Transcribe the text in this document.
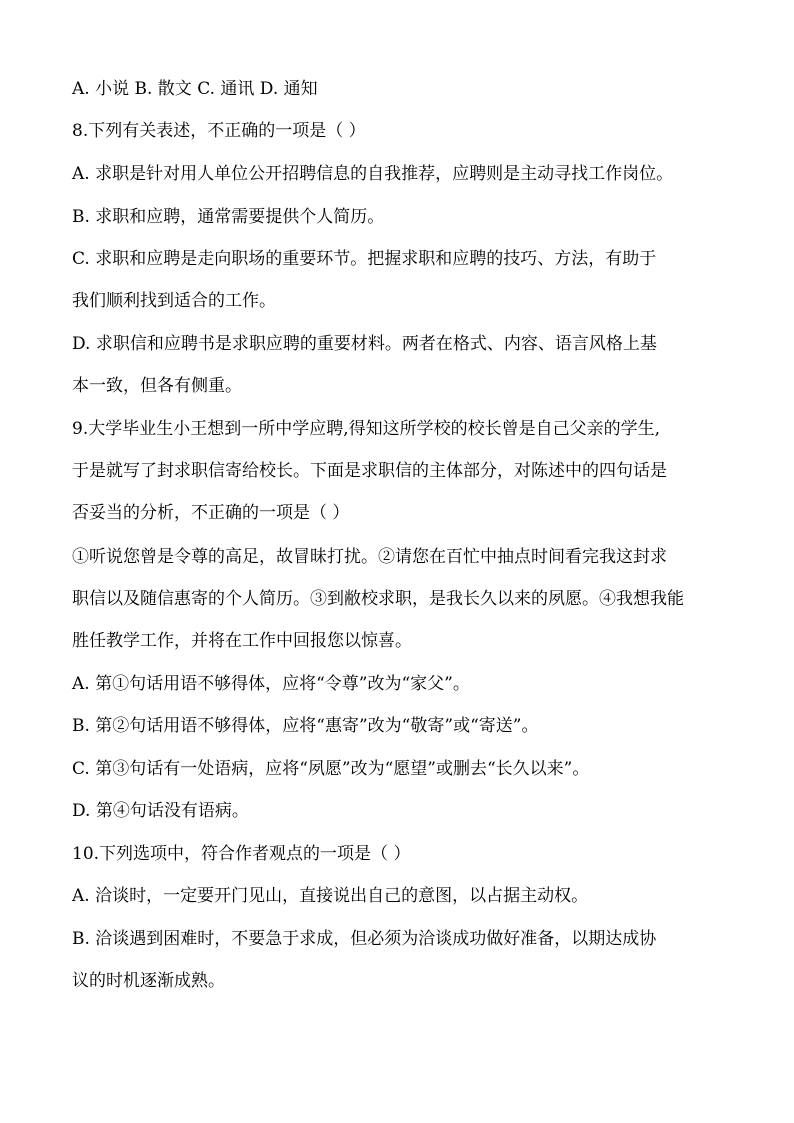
A. 小说 B. 散文 C. 通讯 D. 通知
8.下列有关表述，不正确的一项是（ ）
A. 求职是针对用人单位公开招聘信息的自我推荐，应聘则是主动寻找工作岗位。
B. 求职和应聘，通常需要提供个人简历。
C. 求职和应聘是走向职场的重要环节。把握求职和应聘的技巧、方法，有助于
我们顺利找到适合的工作。
D. 求职信和应聘书是求职应聘的重要材料。两者在格式、内容、语言风格上基
本一致，但各有侧重。
9.大学毕业生小王想到一所中学应聘,得知这所学校的校长曾是自己父亲的学生,
于是就写了封求职信寄给校长。下面是求职信的主体部分，对陈述中的四句话是
否妥当的分析，不正确的一项是（ ）
①听说您曾是令尊的高足，故冒昧打扰。②请您在百忙中抽点时间看完我这封求
职信以及随信惠寄的个人简历。③到敝校求职，是我长久以来的夙愿。④我想我能
胜任教学工作，并将在工作中回报您以惊喜。
A. 第①句话用语不够得体，应将“令尊”改为“家父”。
B. 第②句话用语不够得体，应将“惠寄”改为“敬寄”或“寄送”。
C. 第③句话有一处语病，应将“夙愿”改为“愿望”或删去“长久以来”。
D. 第④句话没有语病。
10.下列选项中，符合作者观点的一项是（ ）
A. 洽谈时，一定要开门见山，直接说出自己的意图，以占据主动权。
B. 洽谈遇到困难时，不要急于求成，但必须为洽谈成功做好准备，以期达成协
议的时机逐渐成熟。
